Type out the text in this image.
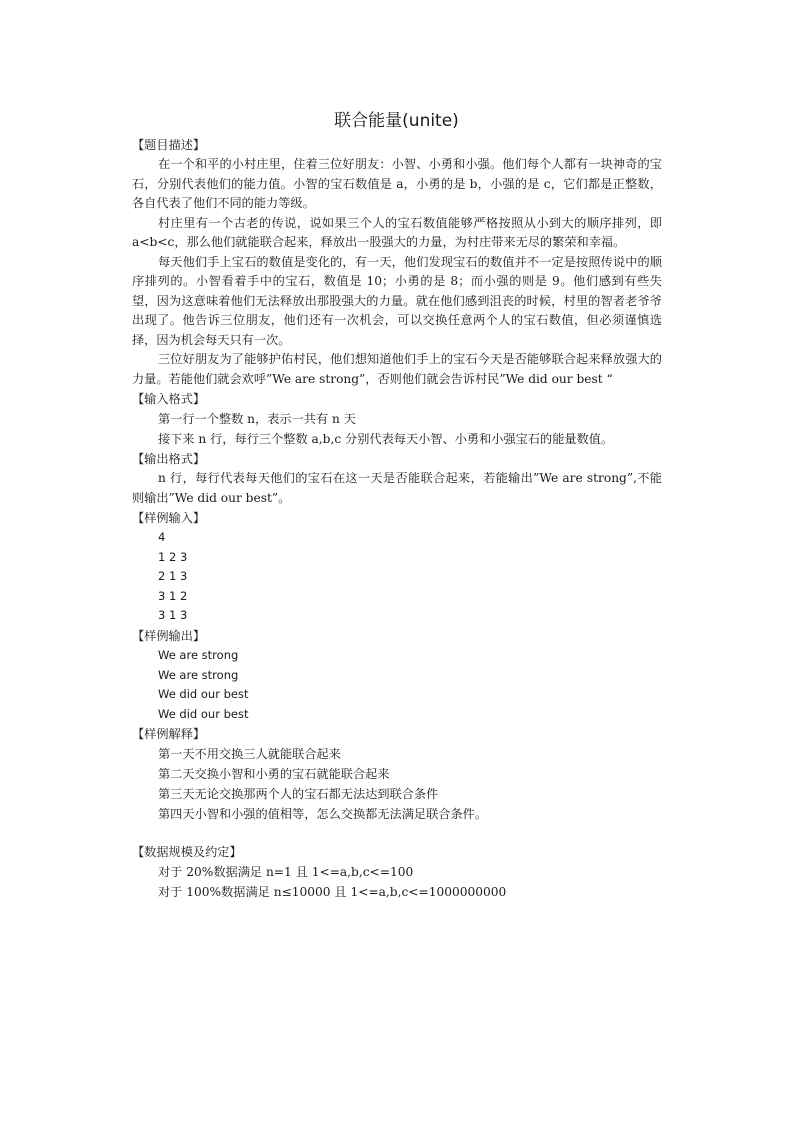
联合能量(unite)
【题目描述】
在一个和平的小村庄里，住着三位好朋友：小智、小勇和小强。他们每个人都有一块神奇的宝石，分别代表他们的能力值。小智的宝石数值是 a，小勇的是 b，小强的是 c，它们都是正整数，各自代表了他们不同的能力等级。
村庄里有一个古老的传说，说如果三个人的宝石数值能够严格按照从小到大的顺序排列，即 a<b<c，那么他们就能联合起来，释放出一股强大的力量，为村庄带来无尽的繁荣和幸福。
每天他们手上宝石的数值是变化的，有一天，他们发现宝石的数值并不一定是按照传说中的顺序排列的。小智看着手中的宝石，数值是 10；小勇的是 8；而小强的则是 9。他们感到有些失望，因为这意味着他们无法释放出那股强大的力量。就在他们感到沮丧的时候，村里的智者老爷爷出现了。他告诉三位朋友，他们还有一次机会，可以交换任意两个人的宝石数值，但必须谨慎选择，因为机会每天只有一次。
三位好朋友为了能够护佑村民，他们想知道他们手上的宝石今天是否能够联合起来释放强大的力量。若能他们就会欢呼”We are strong”，否则他们就会告诉村民”We did our best “
【输入格式】
第一行一个整数 n，表示一共有 n 天
接下来 n 行，每行三个整数 a,b,c 分别代表每天小智、小勇和小强宝石的能量数值。
【输出格式】
n 行，每行代表每天他们的宝石在这一天是否能联合起来，若能输出”We are strong”,不能则输出”We did our best”。
【样例输入】
4
1 2 3
2 1 3
3 1 2
3 1 3
【样例输出】
We are strong
We are strong
We did our best
We did our best
【样例解释】
第一天不用交换三人就能联合起来
第二天交换小智和小勇的宝石就能联合起来
第三天无论交换那两个人的宝石都无法达到联合条件
第四天小智和小强的值相等，怎么交换都无法满足联合条件。
【数据规模及约定】
对于 20%数据满足 n=1 且 1<=a,b,c<=100
对于 100%数据满足 n≤10000 且 1<=a,b,c<=1000000000
